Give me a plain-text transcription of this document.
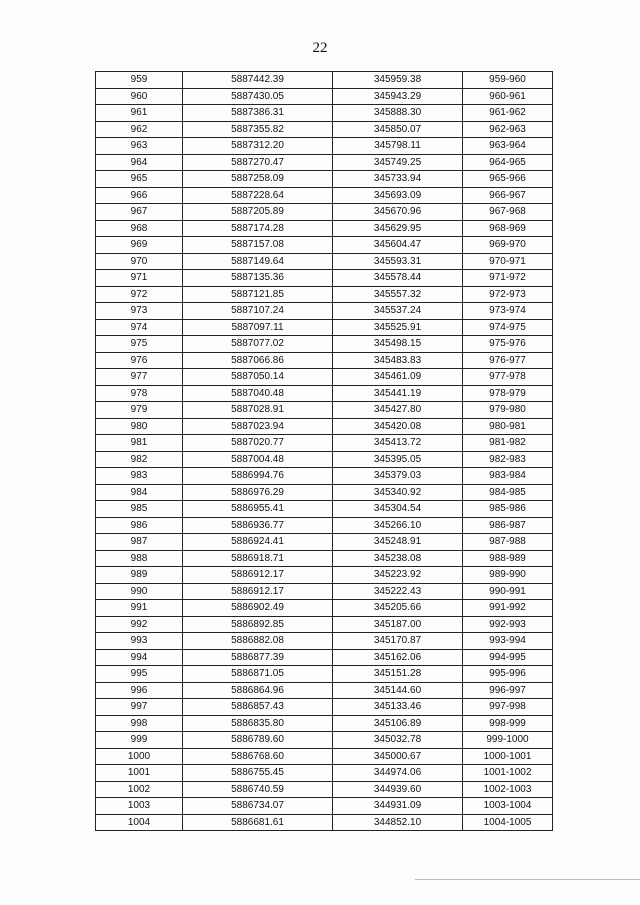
22
959	5887442.39	345959.38	959-960
960	5887430.05	345943.29	960-961
961	5887386.31	345888.30	961-962
962	5887355.82	345850.07	962-963
963	5887312.20	345798.11	963-964
964	5887270.47	345749.25	964-965
965	5887258.09	345733.94	965-966
966	5887228.64	345693.09	966-967
967	5887205.89	345670.96	967-968
968	5887174.28	345629.95	968-969
969	5887157.08	345604.47	969-970
970	5887149.64	345593.31	970-971
971	5887135.36	345578.44	971-972
972	5887121.85	345557.32	972-973
973	5887107.24	345537.24	973-974
974	5887097.11	345525.91	974-975
975	5887077.02	345498.15	975-976
976	5887066.86	345483.83	976-977
977	5887050.14	345461.09	977-978
978	5887040.48	345441.19	978-979
979	5887028.91	345427.80	979-980
980	5887023.94	345420.08	980-981
981	5887020.77	345413.72	981-982
982	5887004.48	345395.05	982-983
983	5886994.76	345379.03	983-984
984	5886976.29	345340.92	984-985
985	5886955.41	345304.54	985-986
986	5886936.77	345266.10	986-987
987	5886924.41	345248.91	987-988
988	5886918.71	345238.08	988-989
989	5886912.17	345223.92	989-990
990	5886912.17	345222.43	990-991
991	5886902.49	345205.66	991-992
992	5886892.85	345187.00	992-993
993	5886882.08	345170.87	993-994
994	5886877.39	345162.06	994-995
995	5886871.05	345151.28	995-996
996	5886864.96	345144.60	996-997
997	5886857.43	345133.46	997-998
998	5886835.80	345106.89	998-999
999	5886789.60	345032.78	999-1000
1000	5886768.60	345000.67	1000-1001
1001	5886755.45	344974.06	1001-1002
1002	5886740.59	344939.60	1002-1003
1003	5886734.07	344931.09	1003-1004
1004	5886681.61	344852.10	1004-1005
